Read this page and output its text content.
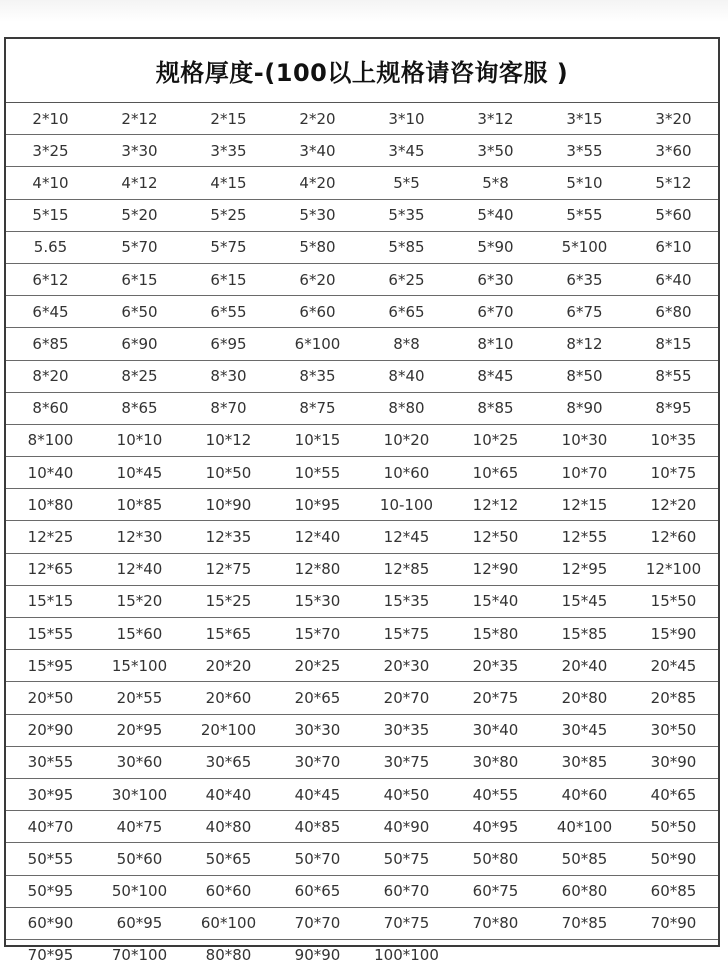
规格厚度-(100以上规格请咨询客服 )
2*10	2*12	2*15	2*20	3*10	3*12	3*15	3*20
3*25	3*30	3*35	3*40	3*45	3*50	3*55	3*60
4*10	4*12	4*15	4*20	5*5	5*8	5*10	5*12
5*15	5*20	5*25	5*30	5*35	5*40	5*55	5*60
5.65	5*70	5*75	5*80	5*85	5*90	5*100	6*10
6*12	6*15	6*15	6*20	6*25	6*30	6*35	6*40
6*45	6*50	6*55	6*60	6*65	6*70	6*75	6*80
6*85	6*90	6*95	6*100	8*8	8*10	8*12	8*15
8*20	8*25	8*30	8*35	8*40	8*45	8*50	8*55
8*60	8*65	8*70	8*75	8*80	8*85	8*90	8*95
8*100	10*10	10*12	10*15	10*20	10*25	10*30	10*35
10*40	10*45	10*50	10*55	10*60	10*65	10*70	10*75
10*80	10*85	10*90	10*95	10-100	12*12	12*15	12*20
12*25	12*30	12*35	12*40	12*45	12*50	12*55	12*60
12*65	12*40	12*75	12*80	12*85	12*90	12*95	12*100
15*15	15*20	15*25	15*30	15*35	15*40	15*45	15*50
15*55	15*60	15*65	15*70	15*75	15*80	15*85	15*90
15*95	15*100	20*20	20*25	20*30	20*35	20*40	20*45
20*50	20*55	20*60	20*65	20*70	20*75	20*80	20*85
20*90	20*95	20*100	30*30	30*35	30*40	30*45	30*50
30*55	30*60	30*65	30*70	30*75	30*80	30*85	30*90
30*95	30*100	40*40	40*45	40*50	40*55	40*60	40*65
40*70	40*75	40*80	40*85	40*90	40*95	40*100	50*50
50*55	50*60	50*65	50*70	50*75	50*80	50*85	50*90
50*95	50*100	60*60	60*65	60*70	60*75	60*80	60*85
60*90	60*95	60*100	70*70	70*75	70*80	70*85	70*90
70*95	70*100	80*80	90*90	100*100			
